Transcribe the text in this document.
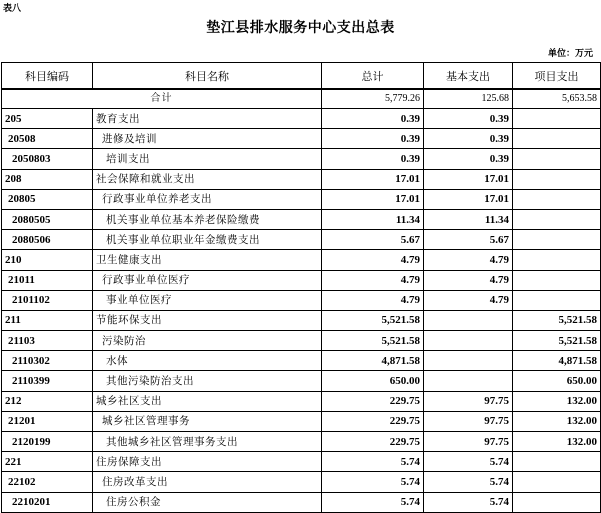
表八
垫江县排水服务中心支出总表
单位：万元
科目编码	科目名称	总计	基本支出	项目支出
合计		5,779.26	125.68	5,653.58
205	教育支出	0.39	0.39	
20508	进修及培训	0.39	0.39	
2050803	培训支出	0.39	0.39	
208	社会保障和就业支出	17.01	17.01	
20805	行政事业单位养老支出	17.01	17.01	
2080505	机关事业单位基本养老保险缴费	11.34	11.34	
2080506	机关事业单位职业年金缴费支出	5.67	5.67	
210	卫生健康支出	4.79	4.79	
21011	行政事业单位医疗	4.79	4.79	
2101102	事业单位医疗	4.79	4.79	
211	节能环保支出	5,521.58		5,521.58
21103	污染防治	5,521.58		5,521.58
2110302	水体	4,871.58		4,871.58
2110399	其他污染防治支出	650.00		650.00
212	城乡社区支出	229.75	97.75	132.00
21201	城乡社区管理事务	229.75	97.75	132.00
2120199	其他城乡社区管理事务支出	229.75	97.75	132.00
221	住房保障支出	5.74	5.74	
22102	住房改革支出	5.74	5.74	
2210201	住房公积金	5.74	5.74	
